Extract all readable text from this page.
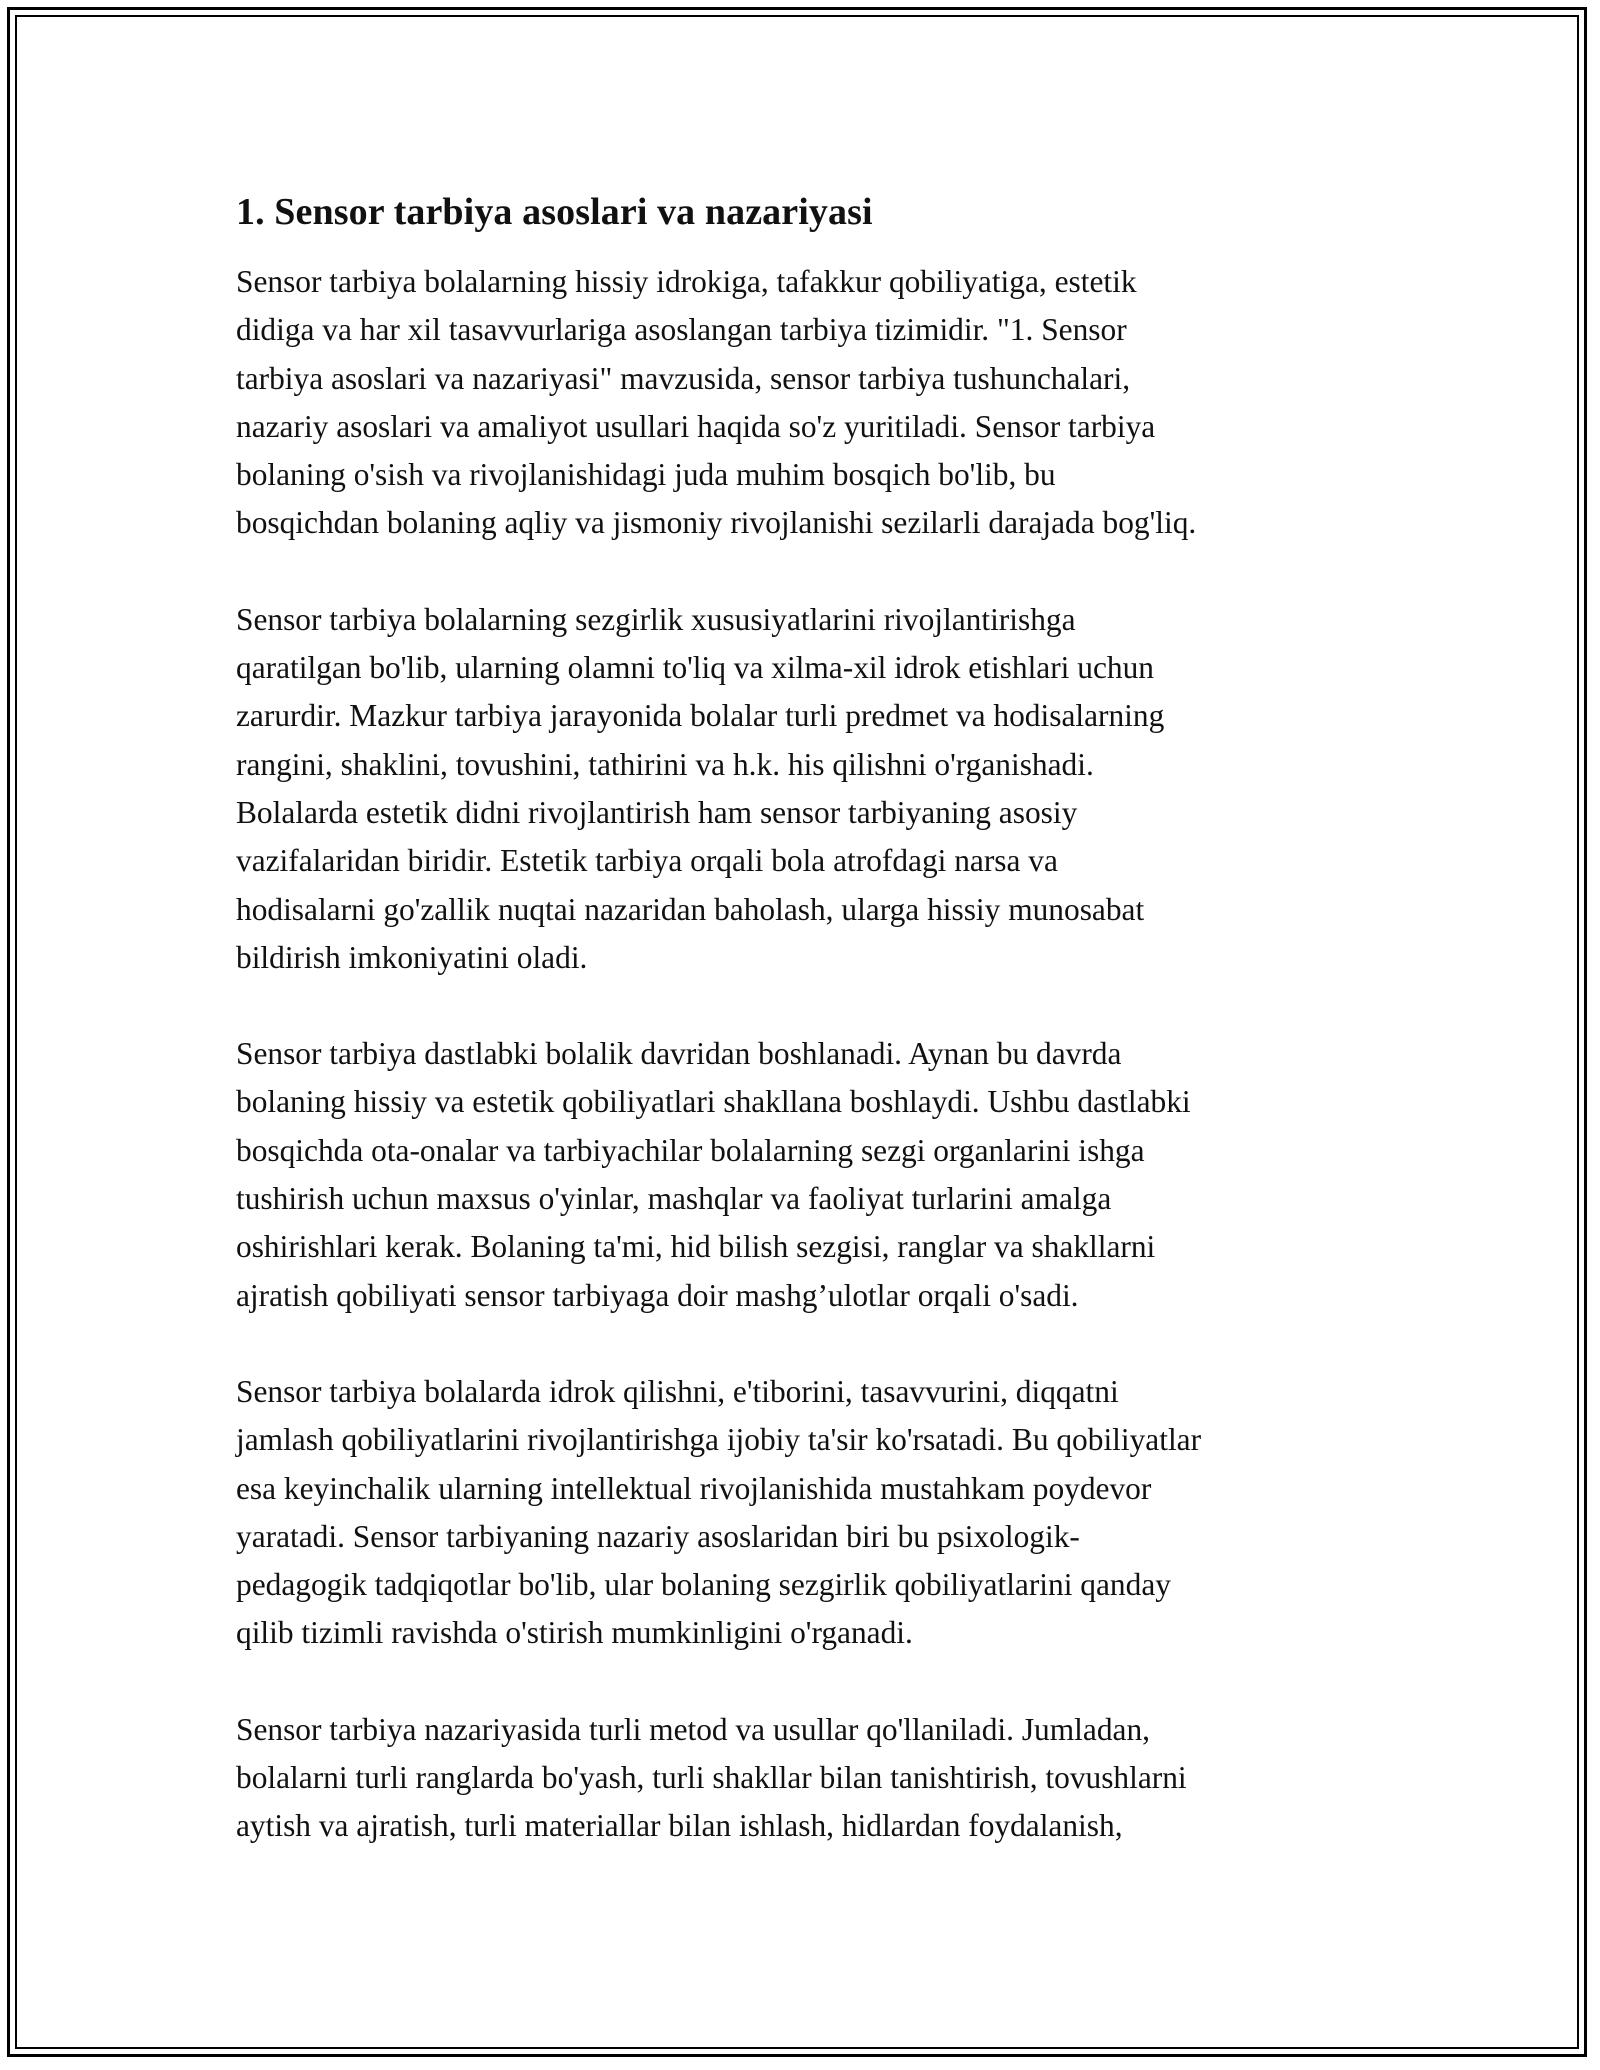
1. Sensor tarbiya asoslari va nazariyasi

Sensor tarbiya bolalarning hissiy idrokiga, tafakkur qobiliyatiga, estetik
didiga va har xil tasavvurlariga asoslangan tarbiya tizimidir. "1. Sensor
tarbiya asoslari va nazariyasi" mavzusida, sensor tarbiya tushunchalari,
nazariy asoslari va amaliyot usullari haqida so'z yuritiladi. Sensor tarbiya
bolaning o'sish va rivojlanishidagi juda muhim bosqich bo'lib, bu
bosqichdan bolaning aqliy va jismoniy rivojlanishi sezilarli darajada bog'liq.

Sensor tarbiya bolalarning sezgirlik xususiyatlarini rivojlantirishga
qaratilgan bo'lib, ularning olamni to'liq va xilma-xil idrok etishlari uchun
zarurdir. Mazkur tarbiya jarayonida bolalar turli predmet va hodisalarning
rangini, shaklini, tovushini, tathirini va h.k. his qilishni o'rganishadi.
Bolalarda estetik didni rivojlantirish ham sensor tarbiyaning asosiy
vazifalaridan biridir. Estetik tarbiya orqali bola atrofdagi narsa va
hodisalarni go'zallik nuqtai nazaridan baholash, ularga hissiy munosabat
bildirish imkoniyatini oladi.

Sensor tarbiya dastlabki bolalik davridan boshlanadi. Aynan bu davrda
bolaning hissiy va estetik qobiliyatlari shakllana boshlaydi. Ushbu dastlabki
bosqichda ota-onalar va tarbiyachilar bolalarning sezgi organlarini ishga
tushirish uchun maxsus o'yinlar, mashqlar va faoliyat turlarini amalga
oshirishlari kerak. Bolaning ta'mi, hid bilish sezgisi, ranglar va shakllarni
ajratish qobiliyati sensor tarbiyaga doir mashg’ulotlar orqali o'sadi.

Sensor tarbiya bolalarda idrok qilishni, e'tiborini, tasavvurini, diqqatni
jamlash qobiliyatlarini rivojlantirishga ijobiy ta'sir ko'rsatadi. Bu qobiliyatlar
esa keyinchalik ularning intellektual rivojlanishida mustahkam poydevor
yaratadi. Sensor tarbiyaning nazariy asoslaridan biri bu psixologik-
pedagogik tadqiqotlar bo'lib, ular bolaning sezgirlik qobiliyatlarini qanday
qilib tizimli ravishda o'stirish mumkinligini o'rganadi.

Sensor tarbiya nazariyasida turli metod va usullar qo'llaniladi. Jumladan,
bolalarni turli ranglarda bo'yash, turli shakllar bilan tanishtirish, tovushlarni
aytish va ajratish, turli materiallar bilan ishlash, hidlardan foydalanish,
